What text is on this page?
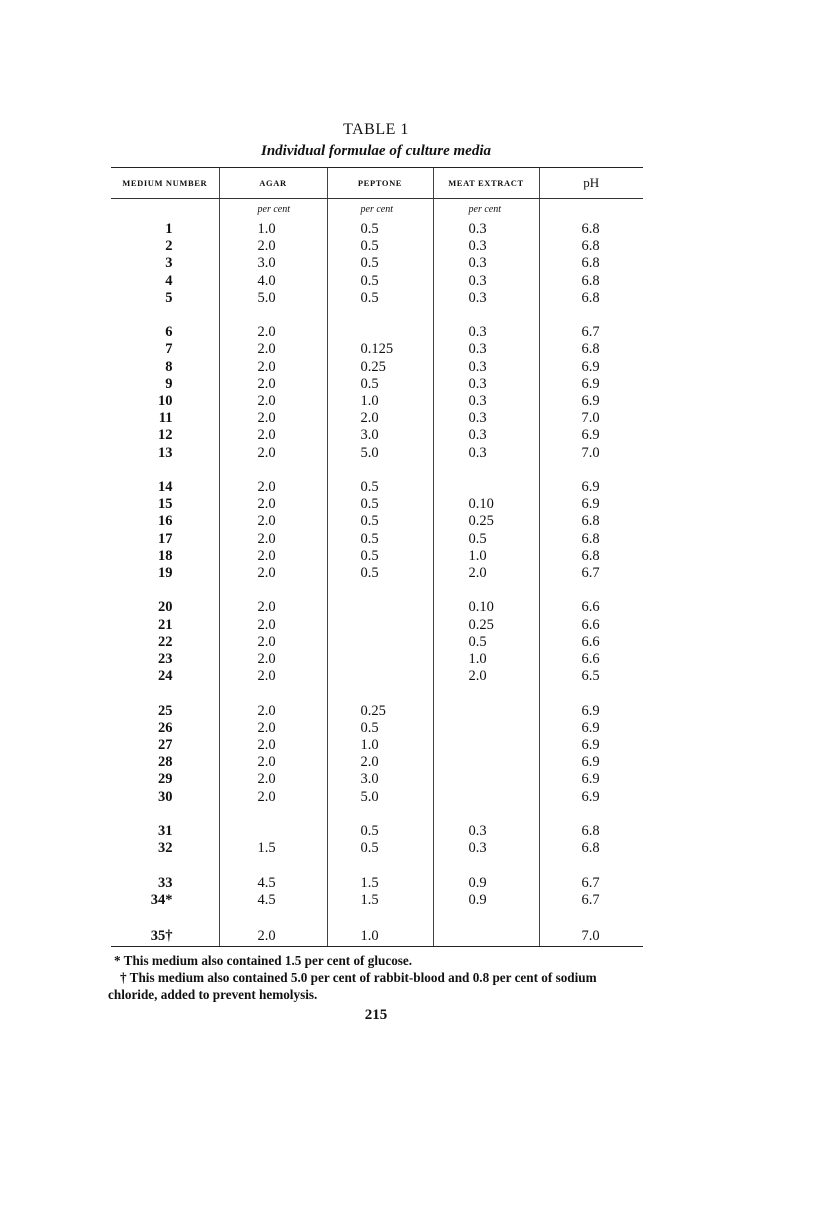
TABLE 1
Individual formulae of culture media
MEDIUM NUMBER	AGAR	PEPTONE	MEAT EXTRACT	pH
	per cent	per cent	per cent	
1	1.0	0.5	0.3	6.8
2	2.0	0.5	0.3	6.8
3	3.0	0.5	0.3	6.8
4	4.0	0.5	0.3	6.8
5	5.0	0.5	0.3	6.8

6	2.0		0.3	6.7
7	2.0	0.125	0.3	6.8
8	2.0	0.25	0.3	6.9
9	2.0	0.5	0.3	6.9
10	2.0	1.0	0.3	6.9
11	2.0	2.0	0.3	7.0
12	2.0	3.0	0.3	6.9
13	2.0	5.0	0.3	7.0

14	2.0	0.5		6.9
15	2.0	0.5	0.10	6.9
16	2.0	0.5	0.25	6.8
17	2.0	0.5	0.5	6.8
18	2.0	0.5	1.0	6.8
19	2.0	0.5	2.0	6.7

20	2.0		0.10	6.6
21	2.0		0.25	6.6
22	2.0		0.5	6.6
23	2.0		1.0	6.6
24	2.0		2.0	6.5

25	2.0	0.25		6.9
26	2.0	0.5		6.9
27	2.0	1.0		6.9
28	2.0	2.0		6.9
29	2.0	3.0		6.9
30	2.0	5.0		6.9

31		0.5	0.3	6.8
32	1.5	0.5	0.3	6.8

33	4.5	1.5	0.9	6.7
34*	4.5	1.5	0.9	6.7

35†	2.0	1.0		7.0

* This medium also contained 1.5 per cent of glucose.

† This medium also contained 5.0 per cent of rabbit-blood and 0.8 per cent of sodium chloride, added to prevent hemolysis.

215
